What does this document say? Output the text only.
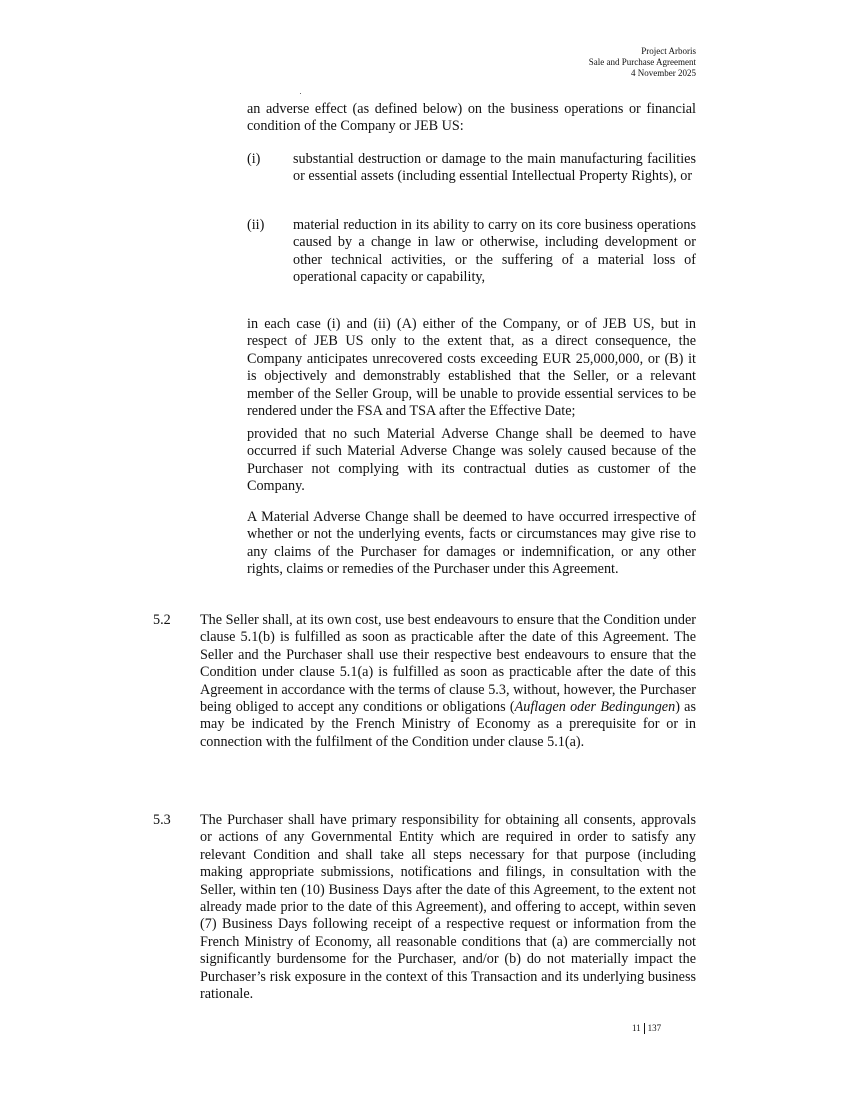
Project Arboris
Sale and Purchase Agreement
4 November 2025

an adverse effect (as defined below) on the business operations or financial condition of the Company or JEB US:

(i) substantial destruction or damage to the main manufacturing facilities or essential assets (including essential Intellectual Property Rights), or

(ii) material reduction in its ability to carry on its core business operations caused by a change in law or otherwise, including development or other technical activities, or the suffering of a material loss of operational capacity or capability,

in each case (i) and (ii) (A) either of the Company, or of JEB US, but in respect of JEB US only to the extent that, as a direct consequence, the Company anticipates unrecovered costs exceeding EUR 25,000,000, or (B) it is objectively and demonstrably established that the Seller, or a relevant member of the Seller Group, will be unable to provide essential services to be rendered under the FSA and TSA after the Effective Date;

provided that no such Material Adverse Change shall be deemed to have occurred if such Material Adverse Change was solely caused because of the Purchaser not complying with its contractual duties as customer of the Company.

A Material Adverse Change shall be deemed to have occurred irrespective of whether or not the underlying events, facts or circumstances may give rise to any claims of the Purchaser for damages or indemnification, or any other rights, claims or remedies of the Purchaser under this Agreement.

5.2 The Seller shall, at its own cost, use best endeavours to ensure that the Condition under clause 5.1(b) is fulfilled as soon as practicable after the date of this Agreement. The Seller and the Purchaser shall use their respective best endeavours to ensure that the Condition under clause 5.1(a) is fulfilled as soon as practicable after the date of this Agreement in accordance with the terms of clause 5.3, without, however, the Purchaser being obliged to accept any conditions or obligations (Auflagen oder Bedingungen) as may be indicated by the French Ministry of Economy as a prerequisite for or in connection with the fulfilment of the Condition under clause 5.1(a).

5.3 The Purchaser shall have primary responsibility for obtaining all consents, approvals or actions of any Governmental Entity which are required in order to satisfy any relevant Condition and shall take all steps necessary for that purpose (including making appropriate submissions, notifications and filings, in consultation with the Seller, within ten (10) Business Days after the date of this Agreement, to the extent not already made prior to the date of this Agreement), and offering to accept, within seven (7) Business Days following receipt of a respective request or information from the French Ministry of Economy, all reasonable conditions that (a) are commercially not significantly burdensome for the Purchaser, and/or (b) do not materially impact the Purchaser’s risk exposure in the context of this Transaction and its underlying business rationale.

11 137
